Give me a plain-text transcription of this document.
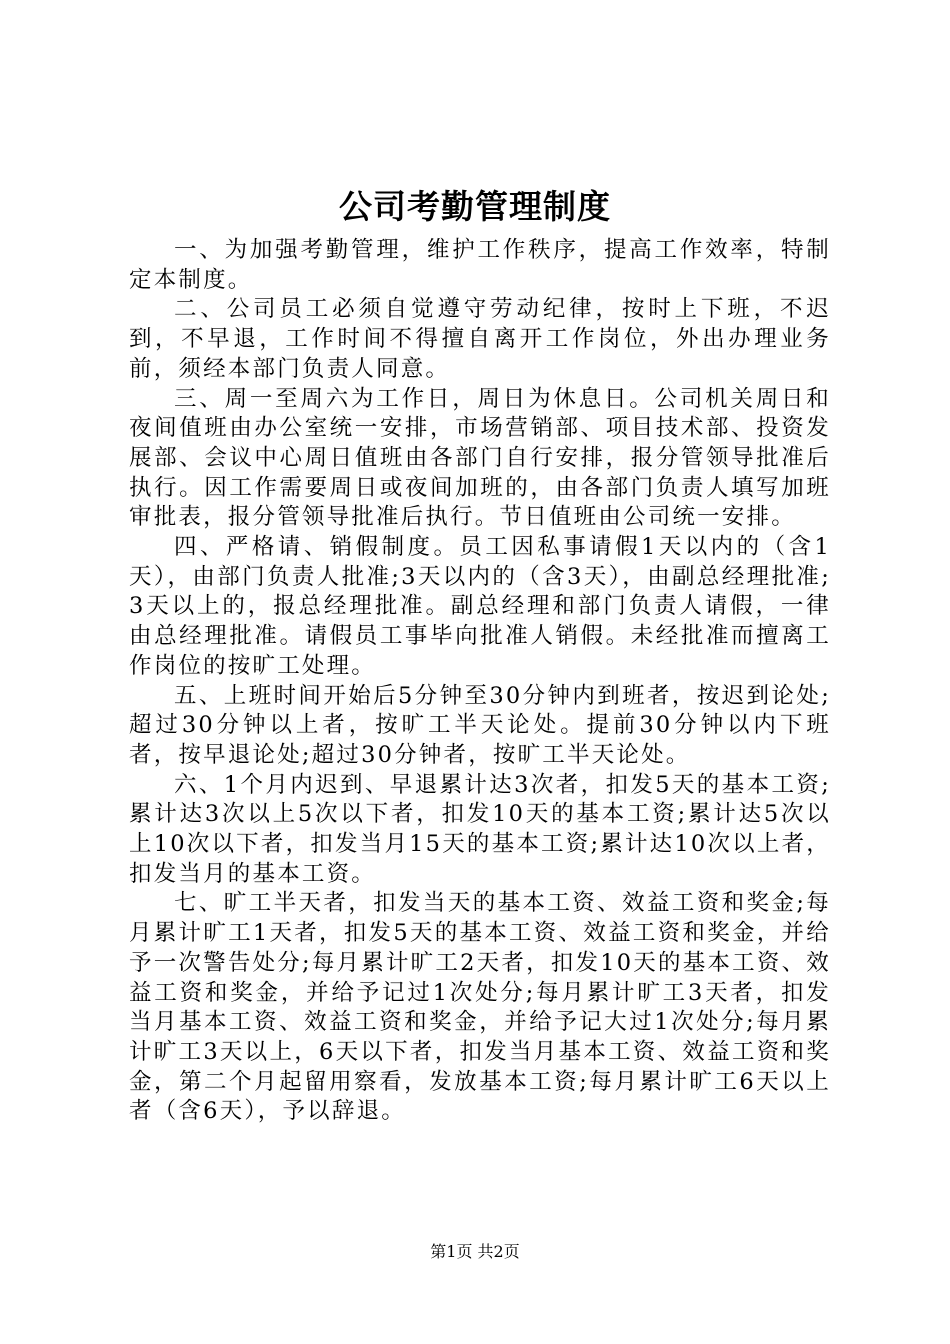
公司考勤管理制度

一、为加强考勤管理，维护工作秩序，提高工作效率，特制定本制度。

二、公司员工必须自觉遵守劳动纪律，按时上下班，不迟到，不早退，工作时间不得擅自离开工作岗位，外出办理业务前，须经本部门负责人同意。

三、周一至周六为工作日，周日为休息日。公司机关周日和夜间值班由办公室统一安排，市场营销部、项目技术部、投资发展部、会议中心周日值班由各部门自行安排，报分管领导批准后执行。因工作需要周日或夜间加班的，由各部门负责人填写加班审批表，报分管领导批准后执行。节日值班由公司统一安排。

四、严格请、销假制度。员工因私事请假1天以内的（含1天），由部门负责人批准;3天以内的（含3天），由副总经理批准;3天以上的，报总经理批准。副总经理和部门负责人请假，一律由总经理批准。请假员工事毕向批准人销假。未经批准而擅离工作岗位的按旷工处理。

五、上班时间开始后5分钟至30分钟内到班者，按迟到论处;超过30分钟以上者，按旷工半天论处。提前30分钟以内下班者，按早退论处;超过30分钟者，按旷工半天论处。

六、1个月内迟到、早退累计达3次者，扣发5天的基本工资;累计达3次以上5次以下者，扣发10天的基本工资;累计达5次以上10次以下者，扣发当月15天的基本工资;累计达10次以上者，扣发当月的基本工资。

七、旷工半天者，扣发当天的基本工资、效益工资和奖金;每月累计旷工1天者，扣发5天的基本工资、效益工资和奖金，并给予一次警告处分;每月累计旷工2天者，扣发10天的基本工资、效益工资和奖金，并给予记过1次处分;每月累计旷工3天者，扣发当月基本工资、效益工资和奖金，并给予记大过1次处分;每月累计旷工3天以上，6天以下者，扣发当月基本工资、效益工资和奖金，第二个月起留用察看，发放基本工资;每月累计旷工6天以上者（含6天），予以辞退。

第1页 共2页
